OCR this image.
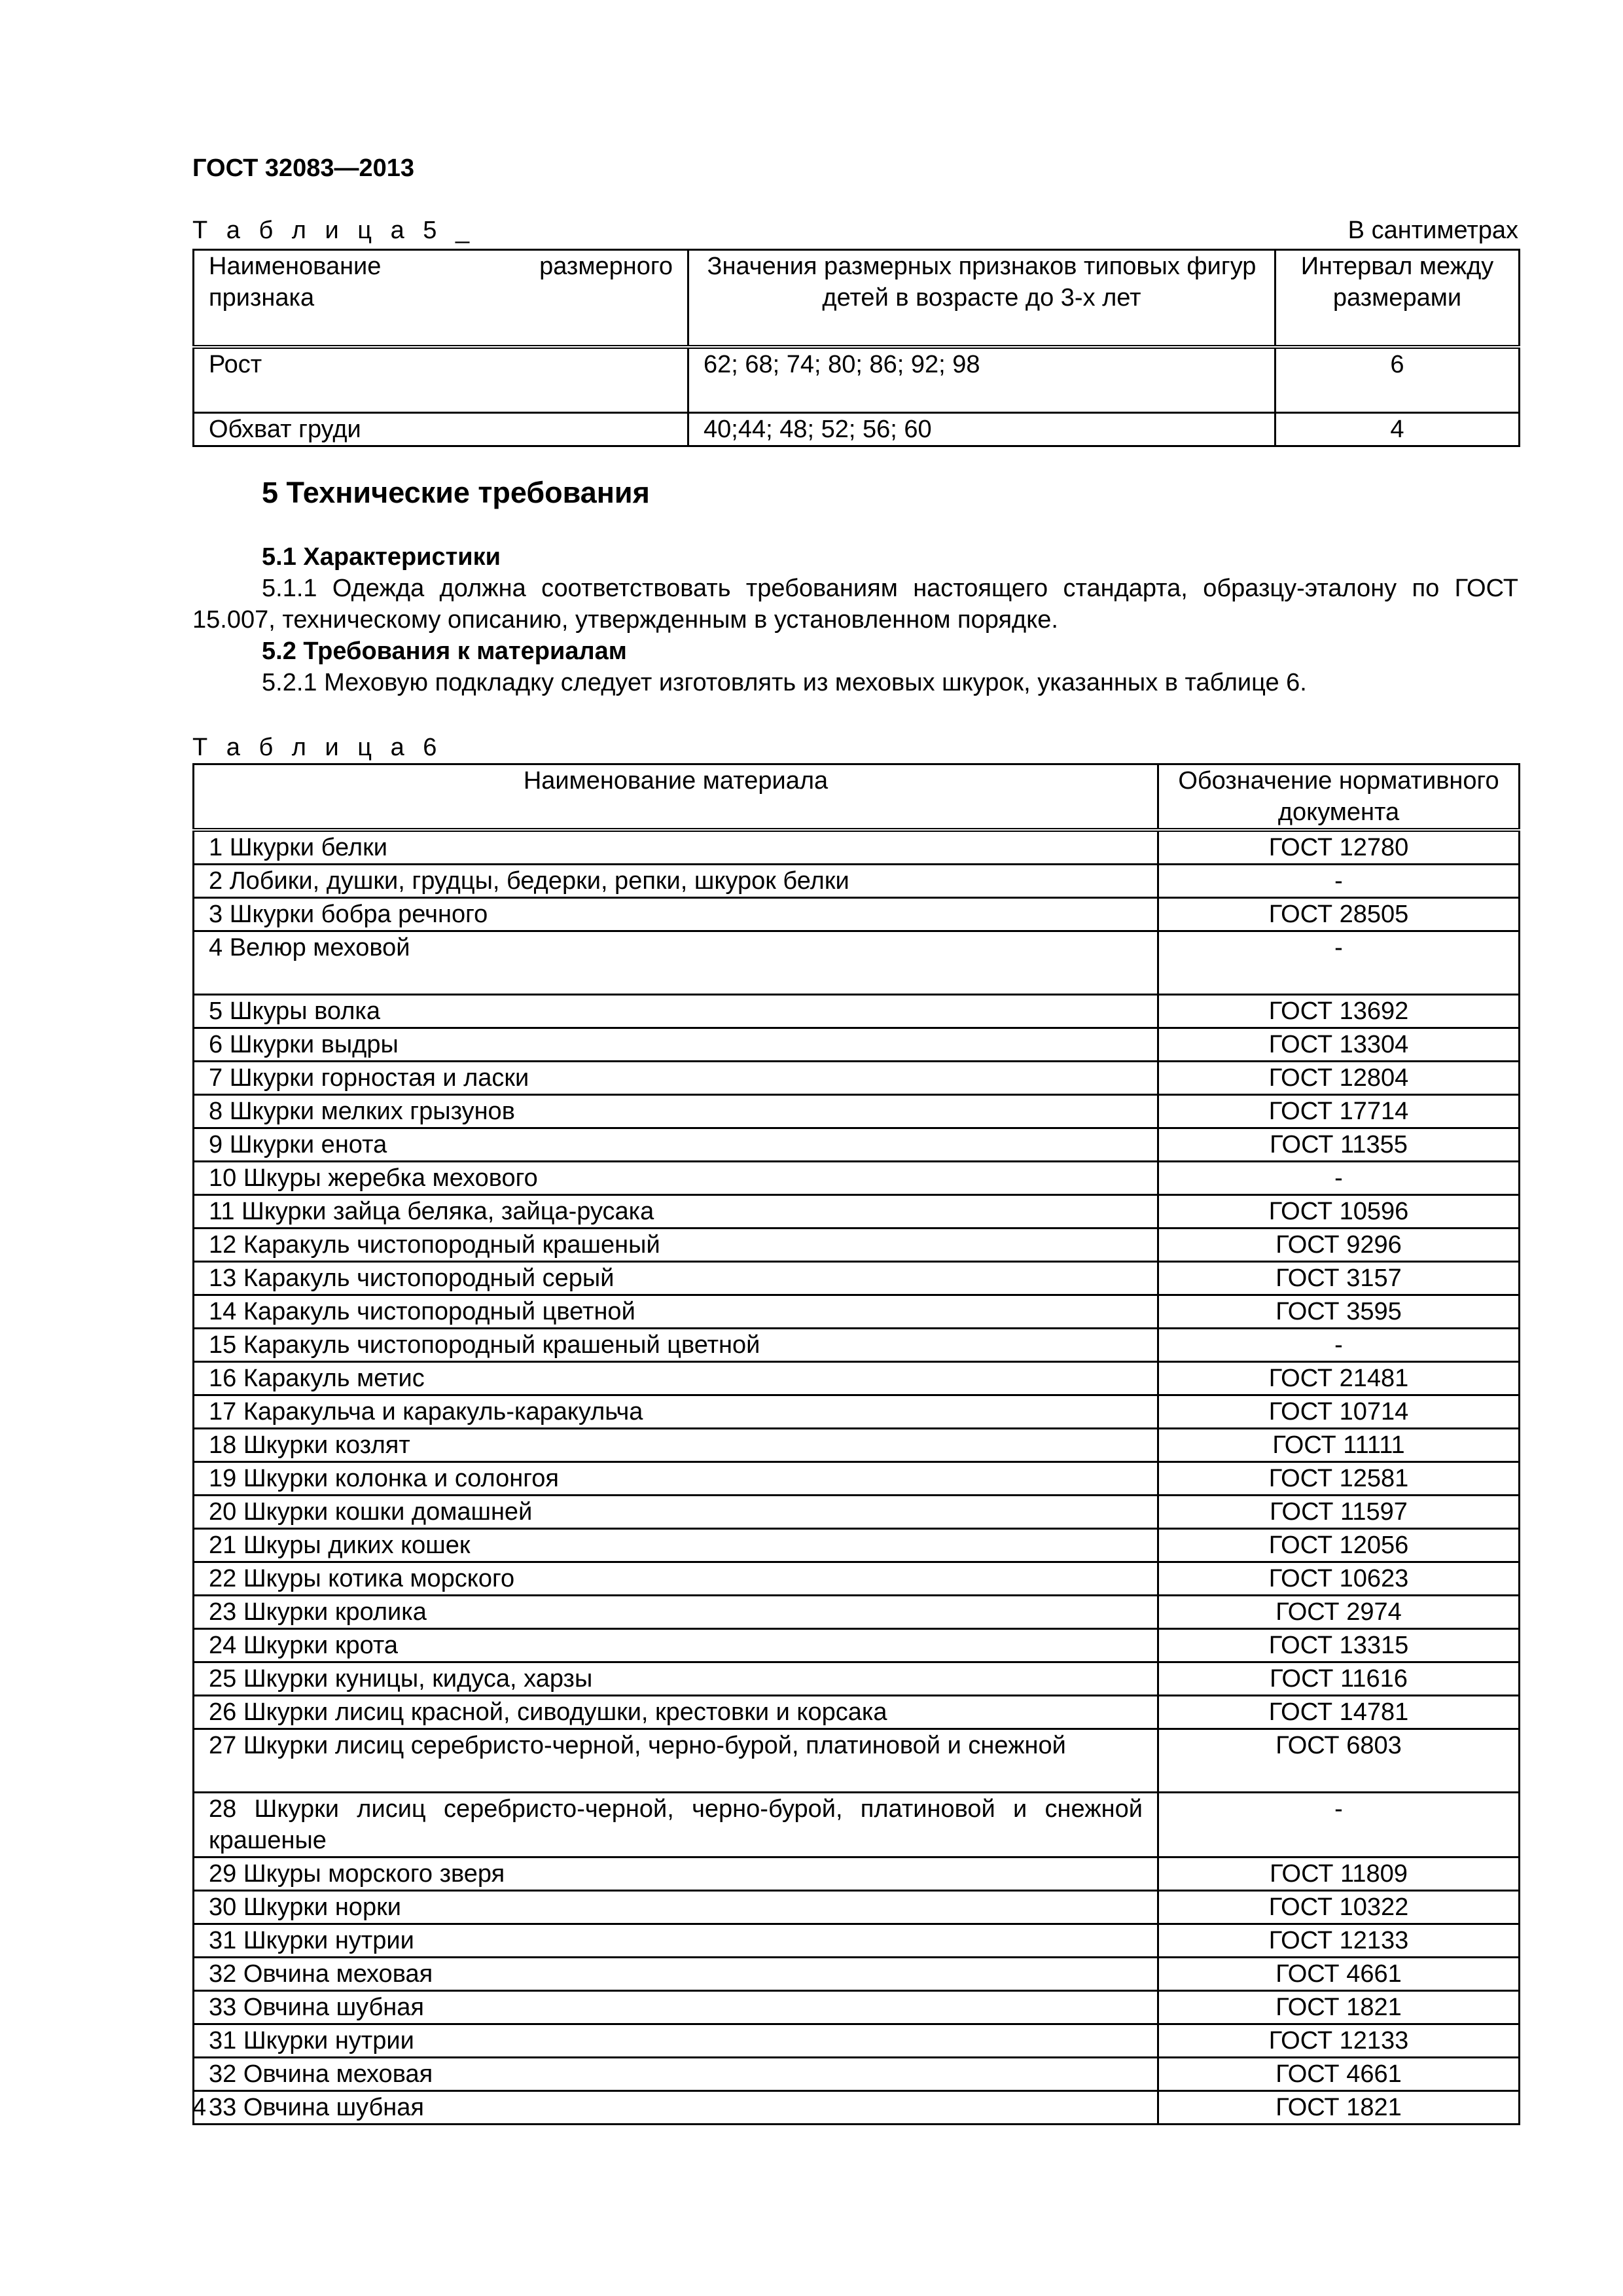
ГОСТ 32083—2013
Т а б л и ц а 5 _	В сантиметрах
Наименование размерного
признака	Значения размерных признаков типовых фигур детей в возрасте до 3-х лет	Интервал между размерами
Рост	62; 68; 74; 80; 86; 92; 98	6
Обхват груди	40;44; 48; 52; 56; 60	4
5 Технические требования
5.1 Характеристики
5.1.1 Одежда должна соответствовать требованиям настоящего стандарта, образцу-эталону по ГОСТ 15.007, техническому описанию, утвержденным в установленном порядке.
5.2 Требования к материалам
5.2.1 Меховую подкладку следует изготовлять из меховых шкурок, указанных в таблице 6.
Т а б л и ц а 6
Наименование материала	Обозначение нормативного документа
1 Шкурки белки	ГОСТ 12780
2 Лобики, душки, грудцы, бедерки, репки, шкурок белки	-
3 Шкурки бобра речного	ГОСТ 28505
4 Велюр меховой	-
5 Шкуры волка	ГОСТ 13692
6 Шкурки выдры	ГОСТ 13304
7 Шкурки горностая и ласки	ГОСТ 12804
8 Шкурки мелких грызунов	ГОСТ 17714
9 Шкурки енота	ГОСТ 11355
10 Шкуры жеребка мехового	-
11 Шкурки зайца беляка, зайца-русака	ГОСТ 10596
12 Каракуль чистопородный крашеный	ГОСТ 9296
13 Каракуль чистопородный серый	ГОСТ 3157
14 Каракуль чистопородный цветной	ГОСТ 3595
15 Каракуль чистопородный крашеный цветной	-
16 Каракуль метис	ГОСТ 21481
17 Каракульча и каракуль-каракульча	ГОСТ 10714
18 Шкурки козлят	ГОСТ 11111
19 Шкурки колонка и солонгоя	ГОСТ 12581
20 Шкурки кошки домашней	ГОСТ 11597
21 Шкуры диких кошек	ГОСТ 12056
22 Шкуры котика морского	ГОСТ 10623
23 Шкурки кролика	ГОСТ 2974
24 Шкурки крота	ГОСТ 13315
25 Шкурки куницы, кидуса, харзы	ГОСТ 11616
26 Шкурки лисиц красной, сиводушки, крестовки и корсака	ГОСТ 14781
27 Шкурки лисиц серебристо-черной, черно-бурой, платиновой и снежной	ГОСТ 6803
28 Шкурки лисиц серебристо-черной, черно-бурой, платиновой и снежной крашеные	-
29 Шкуры морского зверя	ГОСТ 11809
30 Шкурки норки	ГОСТ 10322
31 Шкурки нутрии	ГОСТ 12133
32 Овчина меховая	ГОСТ 4661
33 Овчина шубная	ГОСТ 1821
31 Шкурки нутрии	ГОСТ 12133
32 Овчина меховая	ГОСТ 4661
33 Овчина шубная	ГОСТ 1821
4
